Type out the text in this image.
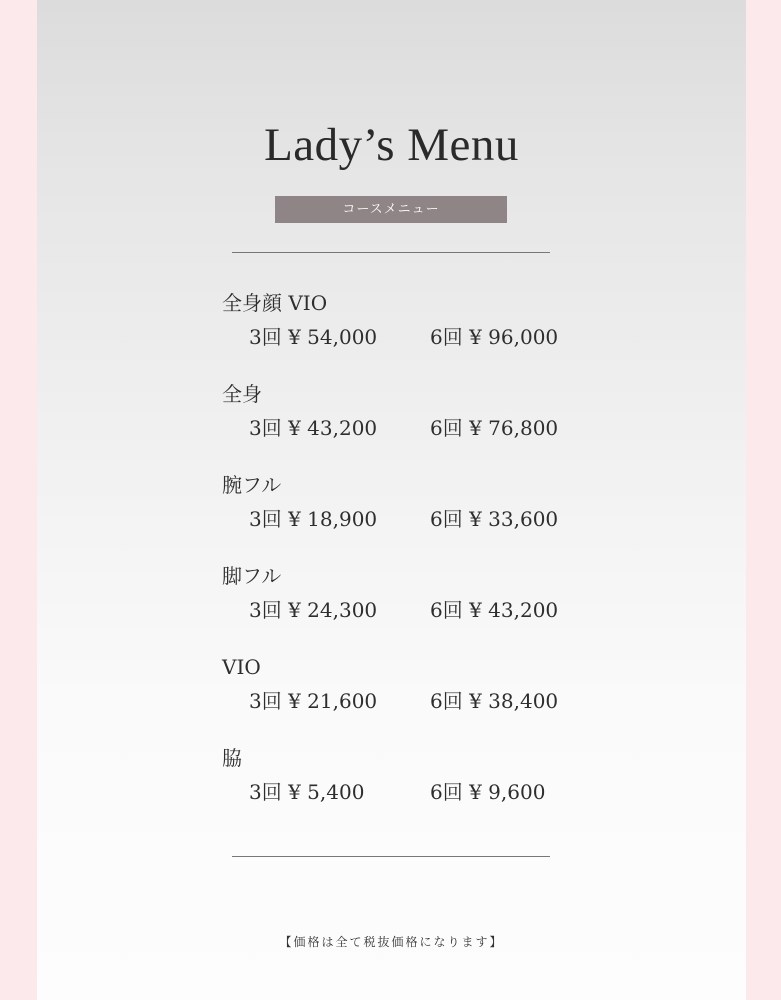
Lady’s Menu
コースメニュー
全身顔 VIO
3回 ¥ 54,000	6回 ¥ 96,000
全身
3回 ¥ 43,200	6回 ¥ 76,800
腕フル
3回 ¥ 18,900	6回 ¥ 33,600
脚フル
3回 ¥ 24,300	6回 ¥ 43,200
VIO
3回 ¥ 21,600	6回 ¥ 38,400
脇
3回 ¥ 5,400	6回 ¥ 9,600
【価格は全て税抜価格になります】
